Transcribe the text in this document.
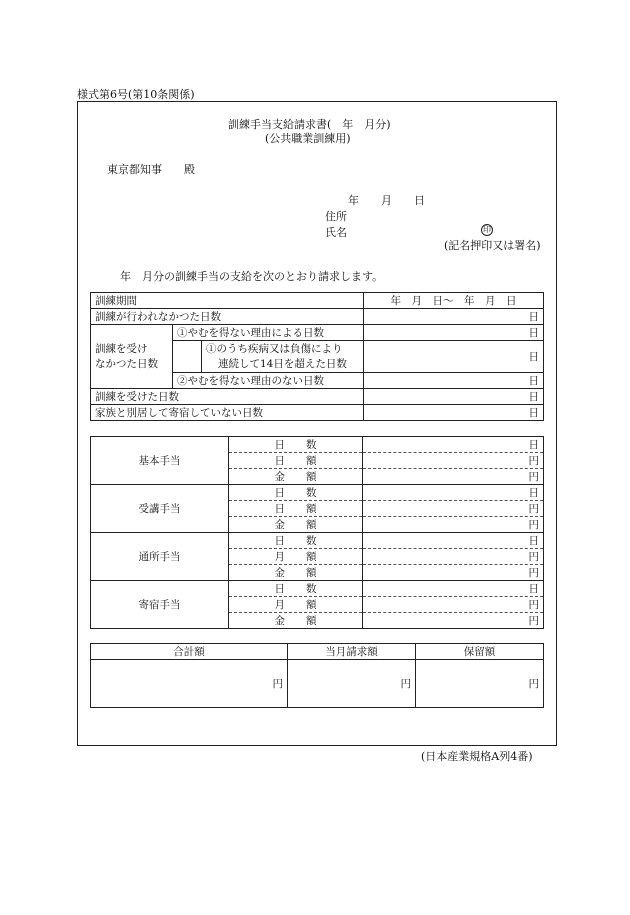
様式第6号(第10条関係)
訓練手当支給請求書(　年　月分)
(公共職業訓練用)
東京都知事　　殿
年　　月　　日
住所
氏名	印
(記名押印又は署名)
年　月分の訓練手当の支給を次のとおり請求します。
訓練期間			年　月　日～　年　月　日
訓練が行われなかつた日数			日
訓練を受け
なかつた日数	①やむを得ない理由による日数		日
		①のうち疾病又は負傷により
連続して14日を超えた日数	日
	②やむを得ない理由のない日数		日
訓練を受けた日数			日
家族と別居して寄宿していない日数			日
基本手当	日　　数	日
	日　　額	円
	金　　額	円
受講手当	日　　数	日
	日　　額	円
	金　　額	円
通所手当	日　　数	日
	月　　額	円
	金　　額	円
寄宿手当	日　　数	日
	月　　額	円
	金　　額	円
合計額	当月請求額	保留額
円	円	円
(日本産業規格A列4番)
